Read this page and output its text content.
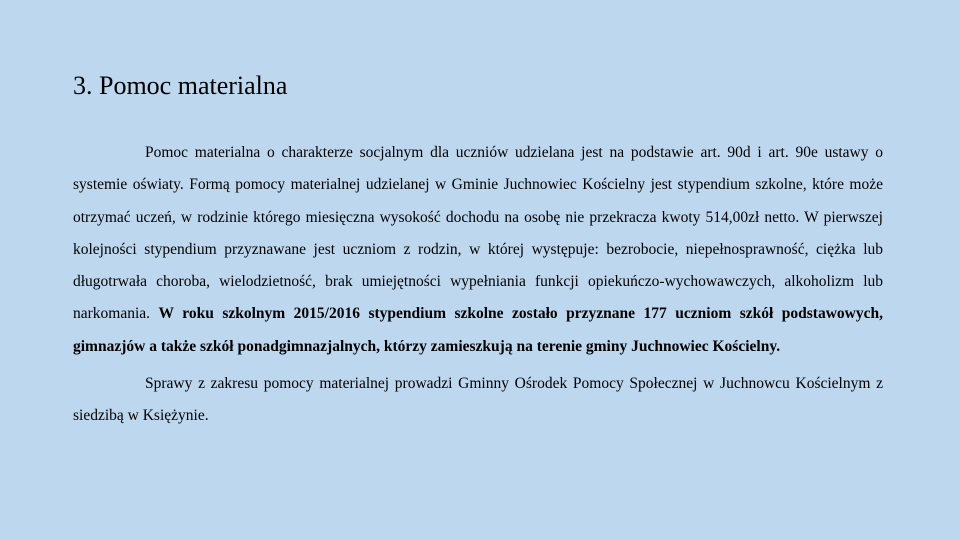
3. Pomoc materialna

Pomoc materialna o charakterze socjalnym dla uczniów udzielana jest na podstawie art. 90d i art. 90e ustawy o systemie oświaty. Formą pomocy materialnej udzielanej w Gminie Juchnowiec Kościelny jest stypendium szkolne, które może otrzymać uczeń, w rodzinie którego miesięczna wysokość dochodu na osobę nie przekracza kwoty 514,00zł netto. W pierwszej kolejności stypendium przyznawane jest uczniom z rodzin, w której występuje: bezrobocie, niepełnosprawność, ciężka lub długotrwała choroba, wielodzietność, brak umiejętności wypełniania funkcji opiekuńczo-wychowawczych, alkoholizm lub narkomania. W roku szkolnym 2015/2016 stypendium szkolne zostało przyznane 177 uczniom szkół podstawowych, gimnazjów a także szkół ponadgimnazjalnych, którzy zamieszkują na terenie gminy Juchnowiec Kościelny.

Sprawy z zakresu pomocy materialnej prowadzi Gminny Ośrodek Pomocy Społecznej w Juchnowcu Kościelnym z siedzibą w Księżynie.
